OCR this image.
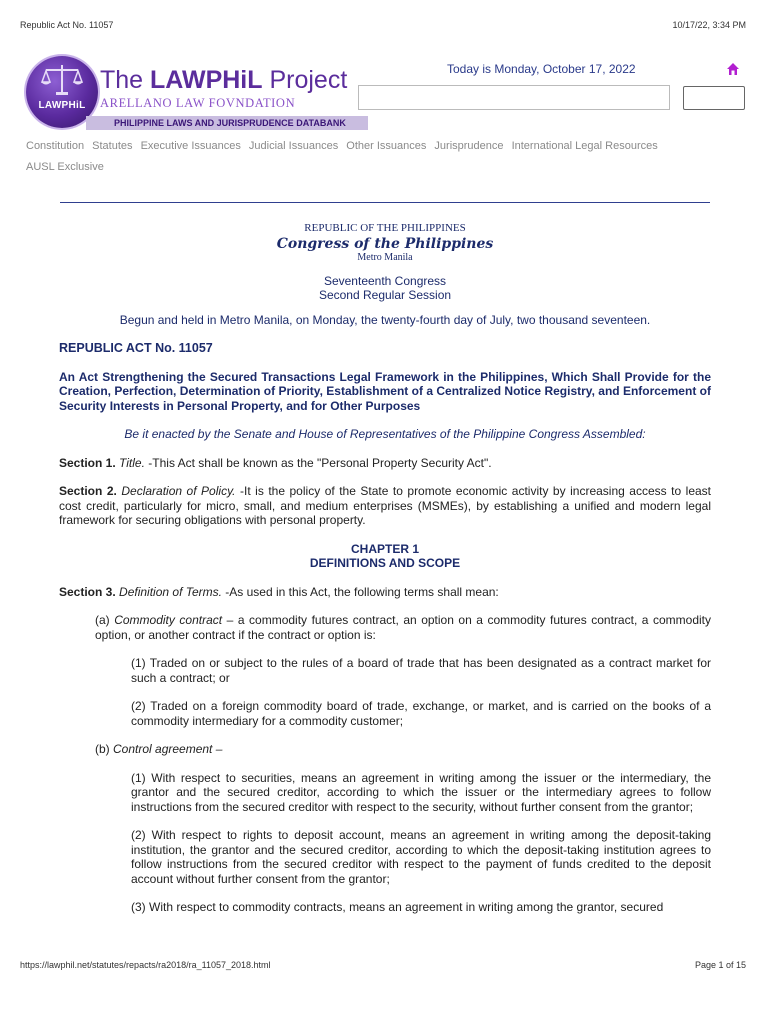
Republic Act No. 11057	10/17/22, 3:34 PM
LAWPHiL
The LAWPHiL Project
ARELLANO LAW FOVNDATION
PHILIPPINE LAWS AND JURISPRUDENCE DATABANK
Today is Monday, October 17, 2022
Constitution Statutes Executive Issuances Judicial Issuances Other Issuances Jurisprudence International Legal Resources
AUSL Exclusive
REPUBLIC OF THE PHILIPPINES
Congress of the Philippines
Metro Manila
Seventeenth Congress
Second Regular Session
Begun and held in Metro Manila, on Monday, the twenty-fourth day of July, two thousand seventeen.
REPUBLIC ACT No. 11057
An Act Strengthening the Secured Transactions Legal Framework in the Philippines, Which Shall Provide for the Creation, Perfection, Determination of Priority, Establishment of a Centralized Notice Registry, and Enforcement of Security Interests in Personal Property, and for Other Purposes
Be it enacted by the Senate and House of Representatives of the Philippine Congress Assembled:

Section 1. Title. -This Act shall be known as the "Personal Property Security Act".

Section 2. Declaration of Policy. -It is the policy of the State to promote economic activity by increasing access to least cost credit, particularly for micro, small, and medium enterprises (MSMEs), by establishing a unified and modern legal framework for securing obligations with personal property.

CHAPTER 1
DEFINITIONS AND SCOPE

Section 3. Definition of Terms. -As used in this Act, the following terms shall mean:

(a) Commodity contract – a commodity futures contract, an option on a commodity futures contract, a commodity option, or another contract if the contract or option is:

(1) Traded on or subject to the rules of a board of trade that has been designated as a contract market for such a contract; or

(2) Traded on a foreign commodity board of trade, exchange, or market, and is carried on the books of a commodity intermediary for a commodity customer;

(b) Control agreement –

(1) With respect to securities, means an agreement in writing among the issuer or the intermediary, the grantor and the secured creditor, according to which the issuer or the intermediary agrees to follow instructions from the secured creditor with respect to the security, without further consent from the grantor;

(2) With respect to rights to deposit account, means an agreement in writing among the deposit-taking institution, the grantor and the secured creditor, according to which the deposit-taking institution agrees to follow instructions from the secured creditor with respect to the payment of funds credited to the deposit account without further consent from the grantor;

(3) With respect to commodity contracts, means an agreement in writing among the grantor, secured

https://lawphil.net/statutes/repacts/ra2018/ra_11057_2018.html	Page 1 of 15
